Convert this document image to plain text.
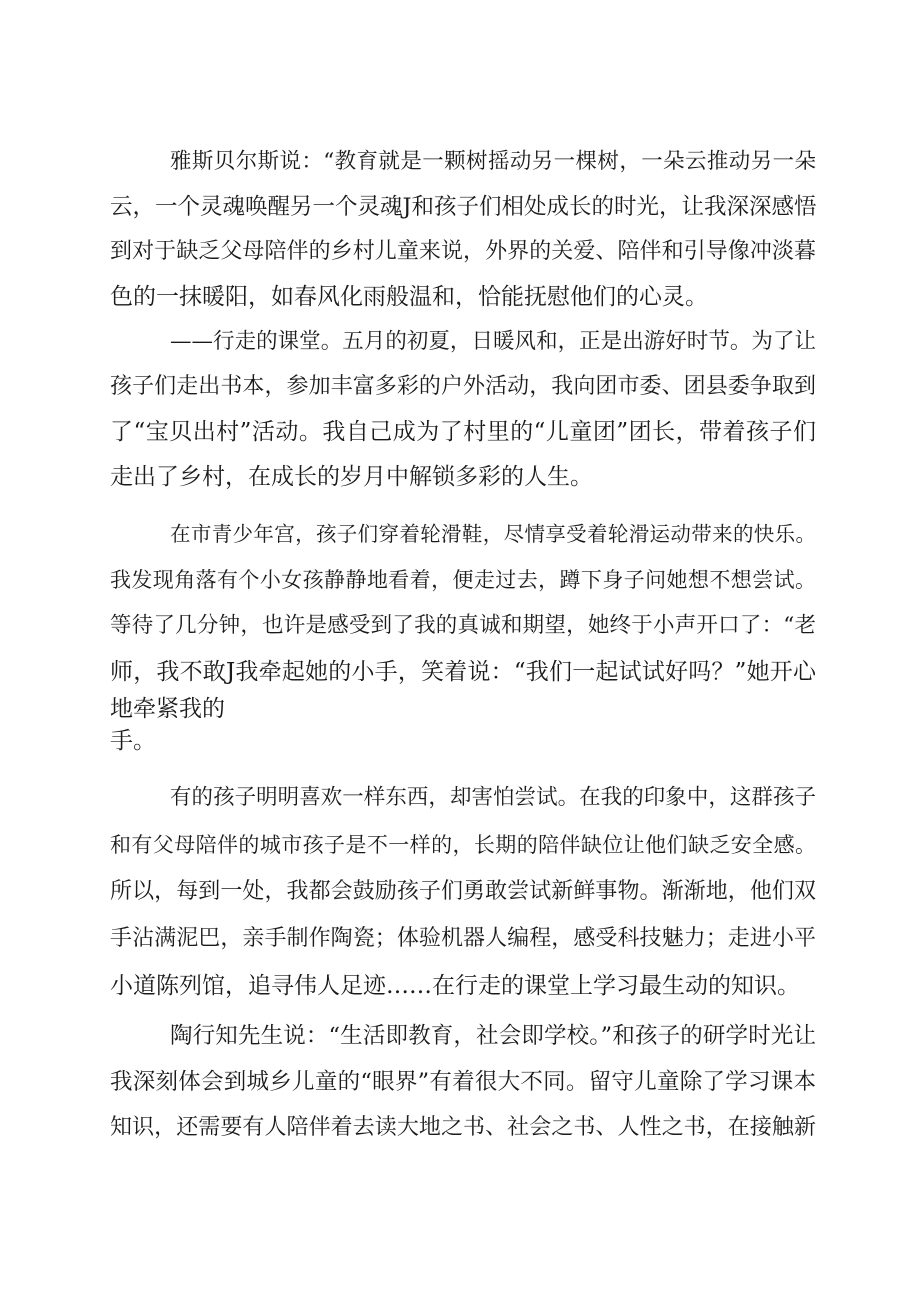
雅斯贝尔斯说：“教育就是一颗树摇动另一棵树，一朵云推动另一朵
云，一个灵魂唤醒另一个灵魂J和孩子们相处成长的时光，让我深深感悟
到对于缺乏父母陪伴的乡村儿童来说，外界的关爱、陪伴和引导像冲淡暮
色的一抹暖阳，如春风化雨般温和，恰能抚慰他们的心灵。
——行走的课堂。五月的初夏，日暖风和，正是出游好时节。为了让
孩子们走出书本，参加丰富多彩的户外活动，我向团市委、团县委争取到
了“宝贝出村”活动。我自己成为了村里的“儿童团”团长，带着孩子们
走出了乡村，在成长的岁月中解锁多彩的人生。
在市青少年宫，孩子们穿着轮滑鞋，尽情享受着轮滑运动带来的快乐。
我发现角落有个小女孩静静地看着，便走过去，蹲下身子问她想不想尝试。
等待了几分钟，也许是感受到了我的真诚和期望，她终于小声开口了：“老
师，我不敢J我牵起她的小手，笑着说：“我们一起试试好吗？”她开心
地牵紧我的
手。
有的孩子明明喜欢一样东西，却害怕尝试。在我的印象中，这群孩子
和有父母陪伴的城市孩子是不一样的，长期的陪伴缺位让他们缺乏安全感。
所以，每到一处，我都会鼓励孩子们勇敢尝试新鲜事物。渐渐地，他们双
手沾满泥巴，亲手制作陶瓷；体验机器人编程，感受科技魅力；走进小平
小道陈列馆，追寻伟人足迹……在行走的课堂上学习最生动的知识。
陶行知先生说：“生活即教育，社会即学校。”和孩子的研学时光让
我深刻体会到城乡儿童的“眼界”有着很大不同。留守儿童除了学习课本
知识，还需要有人陪伴着去读大地之书、社会之书、人性之书，在接触新
